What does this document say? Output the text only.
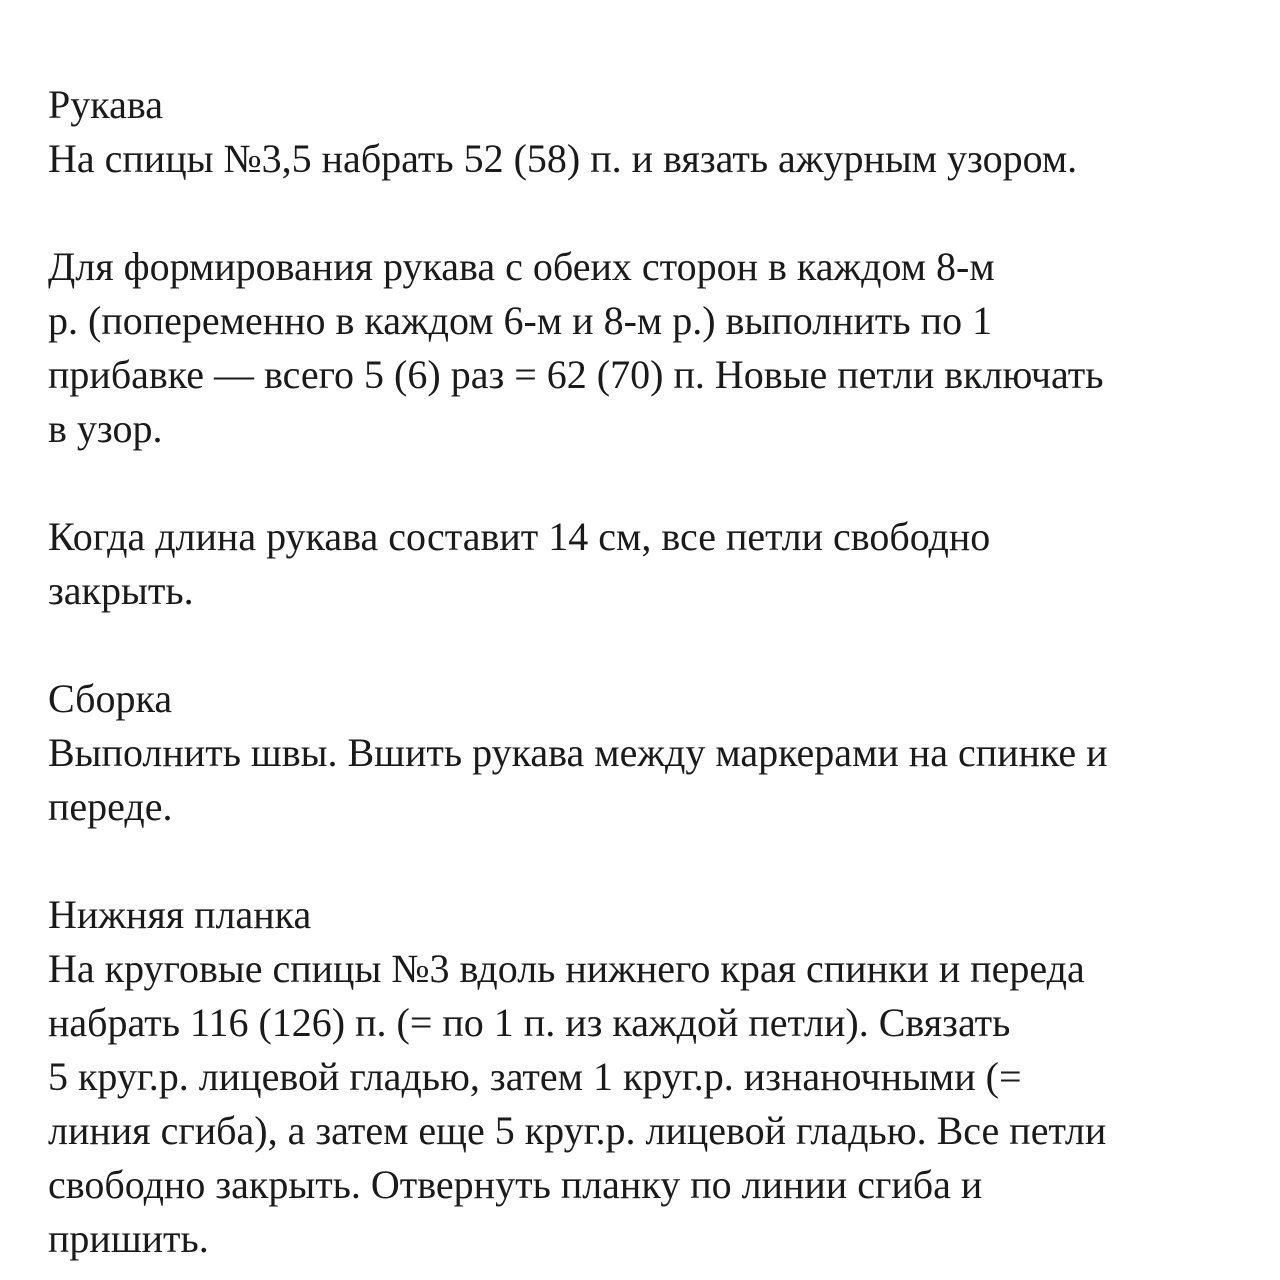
Рукава
На спицы №3,5 набрать 52 (58) п. и вязать ажурным узором.
Для формирования рукава с обеих сторон в каждом 8-м
р. (попеременно в каждом 6-м и 8-м р.) выполнить по 1
прибавке — всего 5 (6) раз = 62 (70) п. Новые петли включать
в узор.
Когда длина рукава составит 14 см, все петли свободно
закрыть.
Сборка
Выполнить швы. Вшить рукава между маркерами на спинке и
переде.
Нижняя планка
На круговые спицы №3 вдоль нижнего края спинки и переда
набрать 116 (126) п. (= по 1 п. из каждой петли). Связать
5 круг.р. лицевой гладью, затем 1 круг.р. изнаночными (=
линия сгиба), а затем еще 5 круг.р. лицевой гладью. Все петли
свободно закрыть. Отвернуть планку по линии сгиба и
пришить.
